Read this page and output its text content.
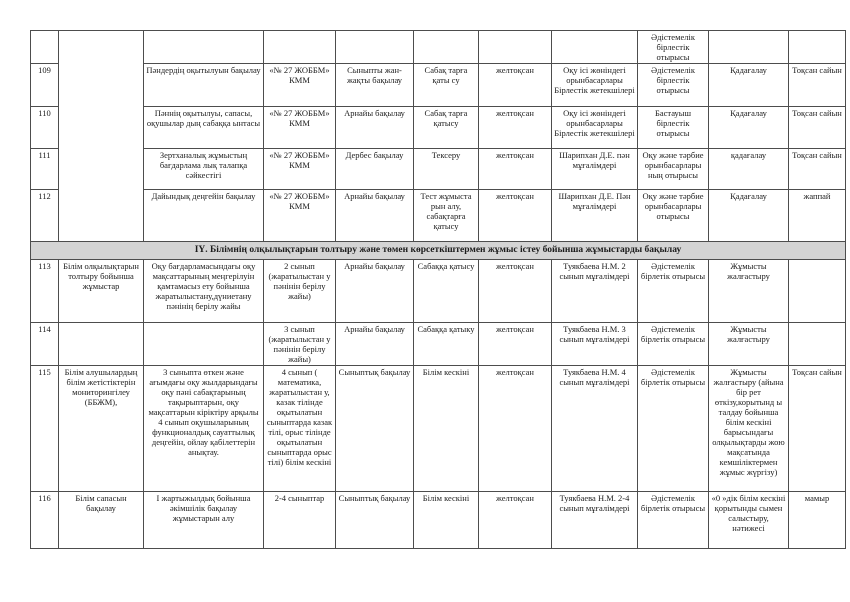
								Әдістемелік бірлестік отырысы		
109		Пәндердің оқытылуын бақылау	«№ 27 ЖОББМ» КММ	Сыныпты жан-жақты бақылау	Сабақ тарға қаты су	желтоқсан	Оқу ісі жөніндегі орынбасарлары Бірлестік жетекшілері	Әдістемелік бірлестік отырысы	Қадағалау	Тоқсан сайын
110		Пәннің оқытылуы, сапасы, оқушылар дың сабаққа ынтасы	«№ 27 ЖОББМ» КММ	Арнайы бақылау	Сабақ тарға қатысу	желтоқсан	Оқу ісі жөніндегі орынбасарлары Бірлестік жетекшілері	Бастауыш бірлестік отырысы	Қадағалау	Тоқсан сайын
111		Зертханалық жұмыстың бағдарлама лық талапқа сәйкестігі	«№ 27 ЖОББМ» КММ	Дербес бақылау	Тексеру	желтоқсан	Шарипхан Д.Е. пән мұғалімдері	Оқу және тәрбие орынбасарлары ның отырысы	қадағалау	Тоқсан сайын
112		Дайындық деңгейін бақылау	«№ 27 ЖОББМ» КММ	Арнайы бақылау	Тест жұмыста рын алу, сабақтарға қатысу	желтоқсан	Шарипхан Д.Е. Пән мұғалімдері	Оқу және тәрбие орынбасарлары отырысы	Қадағалау	жаппай
ІҮ. Білімнің олқылықтарын толтыру және төмен көрсеткіштермен жұмыс істеу бойынша жұмыстарды бақылау										
113	Білім олқылықтарын толтыру бойынша жұмыстар	Оқу бағдарламасындағы оқу мақсаттарының меңгерілуін қамтамасыз ету бойынша жаратылыстану,дүниетану пәнінің берілу жайы	2 сынып (жаратылыстан у пәнінін берілу жайы)	Арнайы бақылау	Сабаққа қатысу	желтоқсан	Туякбаева Н.М. 2 сынып мұғалімдері	Әдістемелік бірлетік отырысы	Жұмысты жалғастыру	
114			3 сынып (жаратылыстан у пәнінін берілу жайы)	Арнайы бақылау	Сабаққа қатыку	желтоқсан	Туякбаева Н.М. 3 сынып мұғалімдері	Әдістемелік бірлетік отырысы	Жұмысты жалғастыру	
115	Білім алушылардың білім жетістіктерін мониторингілеу (ББЖМ),	3 сыныпта өткен және ағымдағы оқу жылдарындағы оқу пәні сабақтарының тақырыптарын, оқу мақсаттарын кіріктіру арқылы 4 сынып оқушыларының функционалдық сауаттылық деңгейін, ойлау қабілеттерін анықтау.	4 сынып ( математика, жаратылыстан у, казак тілінде оқытылатын сыныптарда казак тілі, орыс тілінде оқытылатын сыныптарда орыс тілі) білім кескіні	Сыныптық бақылау	Білім кескіні	желтоқсан	Туякбаева Н.М. 4 сынып мұғалімдері	Әдістемелік бірлетік отырысы	Жұмысты жалғастыру (айына бір рет өткізу,корытынд ы талдау бойынша білім кескіні барысындағы олқылықтарды жою мақсатында кемшіліктермен жұмыс жүргізу)	Тоқсан сайын
116	Білім сапасын бақылау	I жартыжылдық бойынша әкімшілік бақылау жұмыстарын алу	2-4 сыныптар	Сыныптық бақылау	Білім кескіні	желтоқсан	Туякбаева Н.М. 2-4 сынып мұғалімдері	Әдістемелік бірлетік отырысы	«0 »дік білім кескіні қорытынды сымен салыстыру, нәтижесі	мамыр
